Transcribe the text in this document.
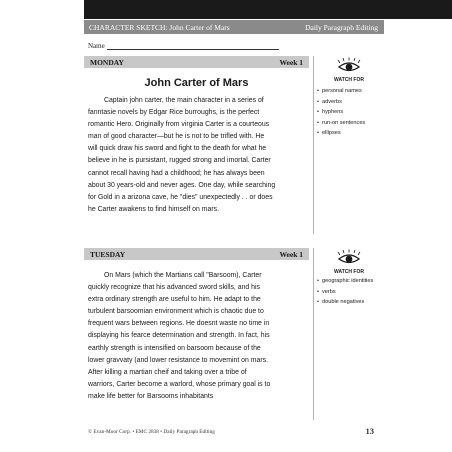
CHARACTER SKETCH: John Carter of Mars	Daily Paragraph Editing
Name
MONDAY	Week 1
WATCH FOR
• personal names
• adverbs
• hyphens
• run-on sentences
• ellipses
John Carter of Mars
Captain john carter, the main character in a series of
fanntasie novels by Edgar Rice burroughs, is the perfect
romantic Hero. Originally from virginia Carter is a courteous
man of good character—but he is not to be trifled with. He
will quick draw his sword and fight to the death for what he
believe in he is pursistant, rugged strong and imortal. Carter
cannot recall having had a childhood; he has always been
about 30 years-old and never ages. One day, while searching
for Gold in a arizona cave, he "dies" unexpectedly . . or does
he Carter awakens to find himself on mars.
TUESDAY	Week 1
WATCH FOR
• geographic identities
• verbs
• double negatives
On Mars (which the Martians call "Barsoom), Carter
quickly recognize that his advanced sword skills, and his
extra ordinary strength are useful to him. He adapt to the
turbulent barsoomian environment which is chaotic due to
frequent wars between regions. He doesnt waste no time in
displaying his fearce determination and strength. In fact, his
earthly strength is intensified on barsoom because of the
lower gravvaty (and lower resistance to movemint on mars.
After killing a martian cheif and taking over a tribe of
warriors, Carter become a warlord, whose primary goal is to
make life better for Barsooms inhabitants
© Evan-Moor Corp. • EMC 2838 • Daily Paragraph Editing	13
